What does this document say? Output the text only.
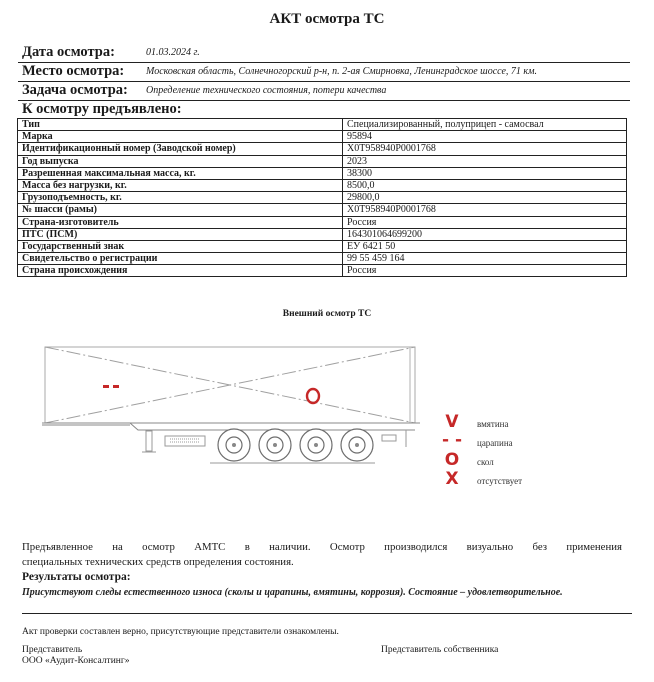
АКТ осмотра ТС
Дата осмотра:	01.03.2024 г.
Место осмотра: Московская область, Солнечногорский р-н, п. 2-ая Смирновка, Ленинградское шоссе, 71 км.
Задача осмотра: Определение технического состояния, потери качества
К осмотру предъявлено:
Тип	Специализированный, полуприцеп - самосвал
Марка	95894
Идентификационный номер (Заводской номер)	X0T958940P0001768
Год выпуска	2023
Разрешенная максимальная масса, кг.	38300
Масса без нагрузки, кг.	8500,0
Грузоподъемность, кг.	29800,0
№ шасси (рамы)	X0T958940P0001768
Страна-изготовитель	Россия
ПТС (ПСМ)	164301064699200
Государственный знак	ЕУ 6421 50
Свидетельство о регистрации	99 55 459 164
Страна происхождения	Россия
Внешний осмотр ТС
V	вмятина
- - царапина
O	скол
X	отсутствует
Предъявленное на осмотр АМТС в наличии. Осмотр производился визуально без применения
специальных технических средств определения состояния.
Результаты осмотра:
Присутствуют следы естественного износа (сколы и царапины, вмятины, коррозия). Состояние – удовлетворительное.
Акт проверки составлен верно, присутствующие представители ознакомлены.
Представитель
ООО «Аудит-Консалтинг»
Представитель собственника
